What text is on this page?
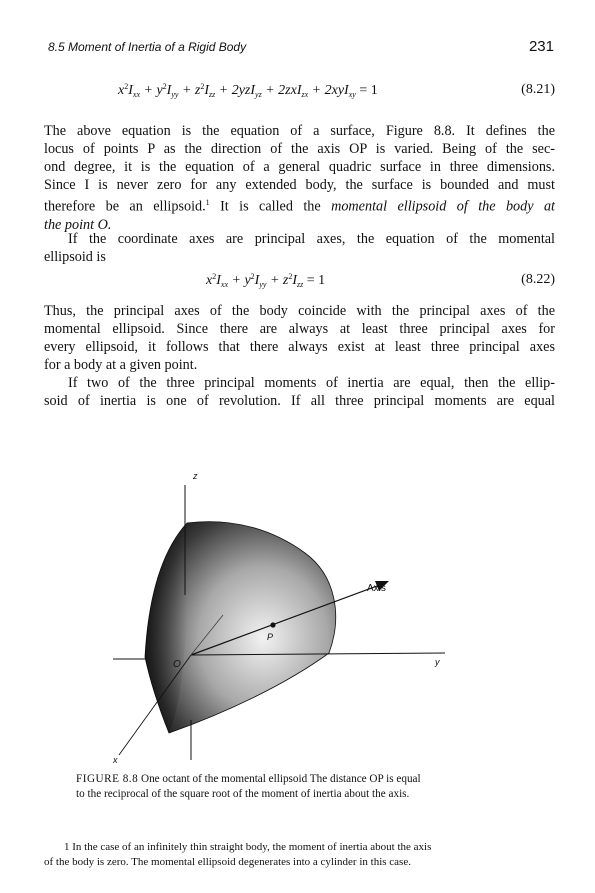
8.5 Moment of Inertia of a Rigid Body	231
$x^2I_{xx} + y^2I_{yy} + z^2I_{zz} + 2yzI_{yz} + 2zxI_{zx} + 2xyI_{xy} = 1$	(8.21)
The above equation is the equation of a surface, Figure 8.8. It defines the
locus of points P as the direction of the axis OP is varied. Being of the sec-
ond degree, it is the equation of a general quadric surface in three dimensions.
Since I is never zero for any extended body, the surface is bounded and must
therefore be an ellipsoid.$^1$ It is called the momental ellipsoid of the body at
the point O.
If the coordinate axes are principal axes, the equation of the momental
ellipsoid is
$x^2I_{xx} + y^2I_{yy} + z^2I_{zz} = 1$	(8.22)
Thus, the principal axes of the body coincide with the principal axes of the
momental ellipsoid. Since there are always at least three principal axes for
every ellipsoid, it follows that there always exist at least three principal axes
for a body at a given point.
If two of the three principal moments of inertia are equal, then the ellip-
soid of inertia is one of revolution. If all three principal moments are equal
z
Axis
P
O	y
x
FIGURE 8.8 One octant of the momental ellipsoid The distance OP is equal
to the reciprocal of the square root of the moment of inertia about the axis.
1 In the case of an infinitely thin straight body, the moment of inertia about the axis
of the body is zero. The momental ellipsoid degenerates into a cylinder in this case.
